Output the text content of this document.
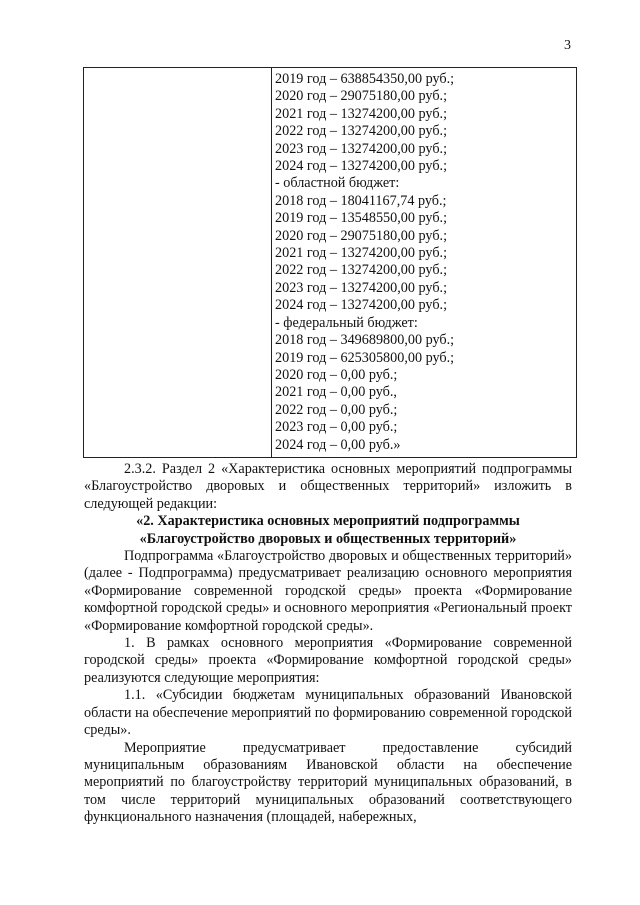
3
2019 год – 638854350,00 руб.;
2020 год – 29075180,00 руб.;
2021 год – 13274200,00 руб.;
2022 год – 13274200,00 руб.;
2023 год – 13274200,00 руб.;
2024 год – 13274200,00 руб.;
- областной бюджет:
2018 год – 18041167,74 руб.;
2019 год – 13548550,00 руб.;
2020 год – 29075180,00 руб.;
2021 год – 13274200,00 руб.;
2022 год – 13274200,00 руб.;
2023 год – 13274200,00 руб.;
2024 год – 13274200,00 руб.;
- федеральный бюджет:
2018 год – 349689800,00 руб.;
2019 год – 625305800,00 руб.;
2020 год – 0,00 руб.;
2021 год – 0,00 руб.,
2022 год – 0,00 руб.;
2023 год – 0,00 руб.;
2024 год – 0,00 руб.»

2.3.2. Раздел 2 «Характеристика основных мероприятий подпрограммы «Благоустройство дворовых и общественных территорий» изложить в следующей редакции:

«2. Характеристика основных мероприятий подпрограммы

«Благоустройство дворовых и общественных территорий»

Подпрограмма «Благоустройство дворовых и общественных территорий» (далее - Подпрограмма) предусматривает реализацию основного мероприятия «Формирование современной городской среды» проекта «Формирование комфортной городской среды» и основного мероприятия «Региональный проект «Формирование комфортной городской среды».

1. В рамках основного мероприятия «Формирование современной городской среды» проекта «Формирование комфортной городской среды» реализуются следующие мероприятия:

1.1. «Субсидии бюджетам муниципальных образований Ивановской области на обеспечение мероприятий по формированию современной городской среды».

Мероприятие предусматривает предоставление субсидий муниципальным образованиям Ивановской области на обеспечение мероприятий по благоустройству территорий муниципальных образований, в том числе территорий муниципальных образований соответствующего функционального назначения (площадей, набережных,
